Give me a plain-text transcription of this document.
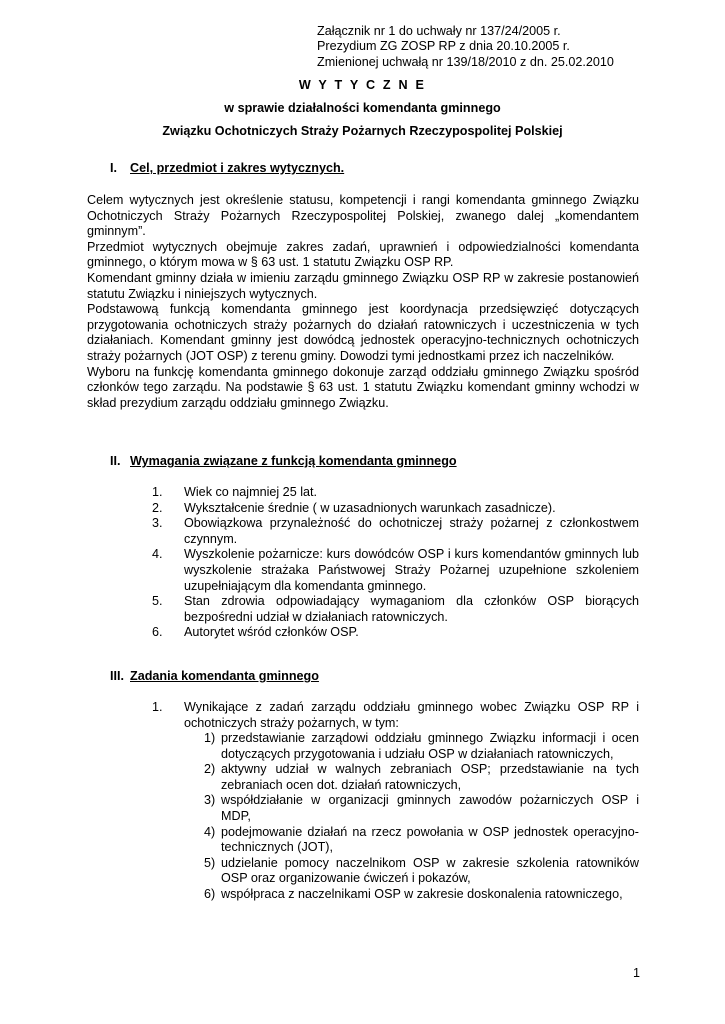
Załącznik nr 1 do uchwały nr 137/24/2005 r.
Prezydium ZG ZOSP RP z dnia 20.10.2005 r.
Zmienionej uchwałą nr 139/18/2010 z dn. 25.02.2010
W Y T Y C Z N E
w sprawie działalności komendanta gminnego
Związku Ochotniczych Straży Pożarnych Rzeczypospolitej Polskiej
I. Cel, przedmiot i zakres wytycznych.

Celem wytycznych jest określenie statusu, kompetencji i rangi komendanta gminnego Związku Ochotniczych Straży Pożarnych Rzeczypospolitej Polskiej, zwanego dalej „komendantem gminnym”.

Przedmiot wytycznych obejmuje zakres zadań, uprawnień i odpowiedzialności komendanta gminnego, o którym mowa w § 63 ust. 1 statutu Związku OSP RP.

Komendant gminny działa w imieniu zarządu gminnego Związku OSP RP w zakresie postanowień statutu Związku i niniejszych wytycznych.

Podstawową funkcją komendanta gminnego jest koordynacja przedsięwzięć dotyczących przygotowania ochotniczych straży pożarnych do działań ratowniczych i uczestniczenia w tych działaniach. Komendant gminny jest dowódcą jednostek operacyjno-technicznych ochotniczych straży pożarnych (JOT OSP) z terenu gminy. Dowodzi tymi jednostkami przez ich naczelników.

Wyboru na funkcję komendanta gminnego dokonuje zarząd oddziału gminnego Związku spośród członków tego zarządu. Na podstawie § 63 ust. 1 statutu Związku komendant gminny wchodzi w skład prezydium zarządu oddziału gminnego Związku.

II. Wymagania związane z funkcją komendanta gminnego
1. Wiek co najmniej 25 lat.
2. Wykształcenie średnie ( w uzasadnionych warunkach zasadnicze).
3. Obowiązkowa przynależność do ochotniczej straży pożarnej z członkostwem czynnym.
4. Wyszkolenie pożarnicze: kurs dowódców OSP i kurs komendantów gminnych lub wyszkolenie strażaka Państwowej Straży Pożarnej uzupełnione szkoleniem uzupełniającym dla komendanta gminnego.
5. Stan zdrowia odpowiadający wymaganiom dla członków OSP biorących bezpośredni udział w działaniach ratowniczych.
6. Autorytet wśród członków OSP.
III. Zadania komendanta gminnego
1. Wynikające z zadań zarządu oddziału gminnego wobec Związku OSP RP i ochotniczych straży pożarnych, w tym:
1) przedstawianie zarządowi oddziału gminnego Związku informacji i ocen dotyczących przygotowania i udziału OSP w działaniach ratowniczych,
2) aktywny udział w walnych zebraniach OSP; przedstawianie na tych zebraniach ocen dot. działań ratowniczych,
3) współdziałanie w organizacji gminnych zawodów pożarniczych OSP i MDP,
4) podejmowanie działań na rzecz powołania w OSP jednostek operacyjno-technicznych (JOT),
5) udzielanie pomocy naczelnikom OSP w zakresie szkolenia ratowników OSP oraz organizowanie ćwiczeń i pokazów,
6) współpraca z naczelnikami OSP w zakresie doskonalenia ratowniczego,
1
